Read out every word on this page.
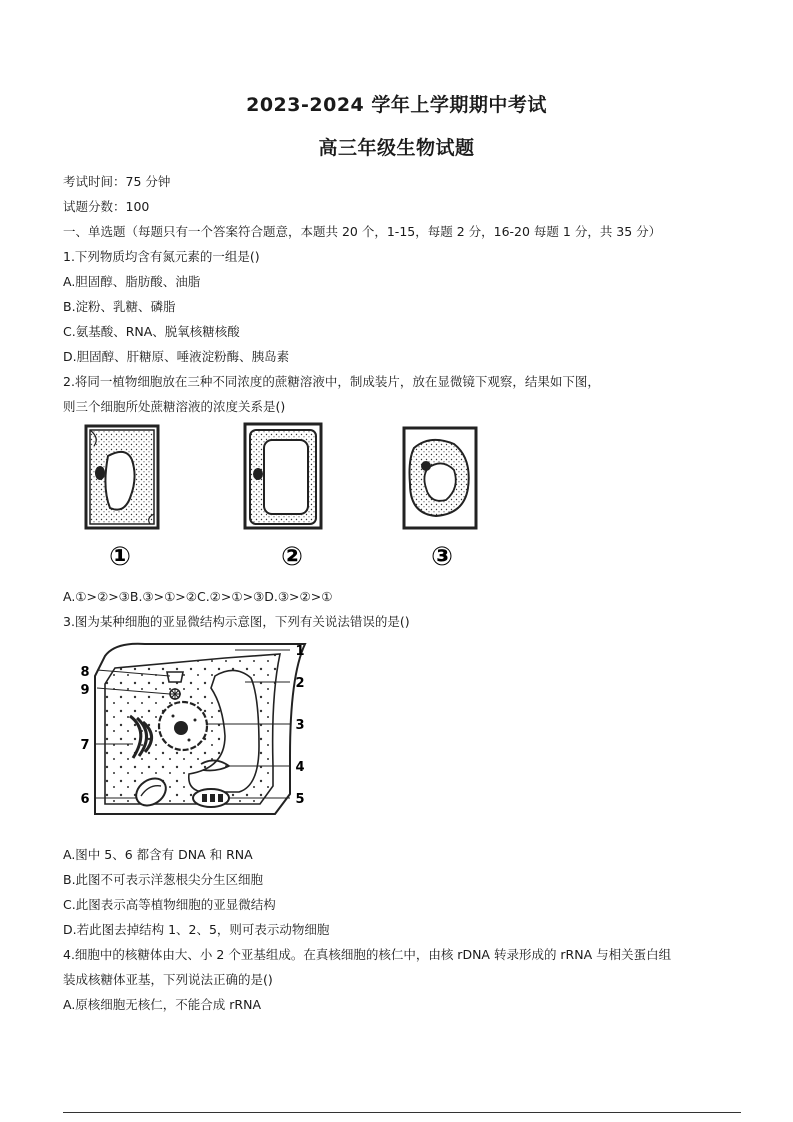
2023-2024 学年上学期期中考试
高三年级生物试题
考试时间：75 分钟
试题分数：100
一、单选题（每题只有一个答案符合题意，本题共 20 个，1-15，每题 2 分，16-20 每题 1 分，共 35 分）
1.下列物质均含有氮元素的一组是()
A.胆固醇、脂肪酸、油脂
B.淀粉、乳糖、磷脂
C.氨基酸、RNA、脱氧核糖核酸
D.胆固醇、肝糖原、唾液淀粉酶、胰岛素
2.将同一植物细胞放在三种不同浓度的蔗糖溶液中，制成装片，放在显微镜下观察，结果如下图，
则三个细胞所处蔗糖溶液的浓度关系是()
①	②	③
A.①>②>③B.③>①>②C.②>①>③D.③>②>①
3.图为某种细胞的亚显微结构示意图，下列有关说法错误的是()
8
9
7
6
1
2
3
4
5
A.图中 5、6 都含有 DNA 和 RNA
B.此图不可表示洋葱根尖分生区细胞
C.此图表示高等植物细胞的亚显微结构
D.若此图去掉结构 1、2、5，则可表示动物细胞
4.细胞中的核糖体由大、小 2 个亚基组成。在真核细胞的核仁中，由核 rDNA 转录形成的 rRNA 与相关蛋白组
装成核糖体亚基，下列说法正确的是()
A.原核细胞无核仁，不能合成 rRNA
